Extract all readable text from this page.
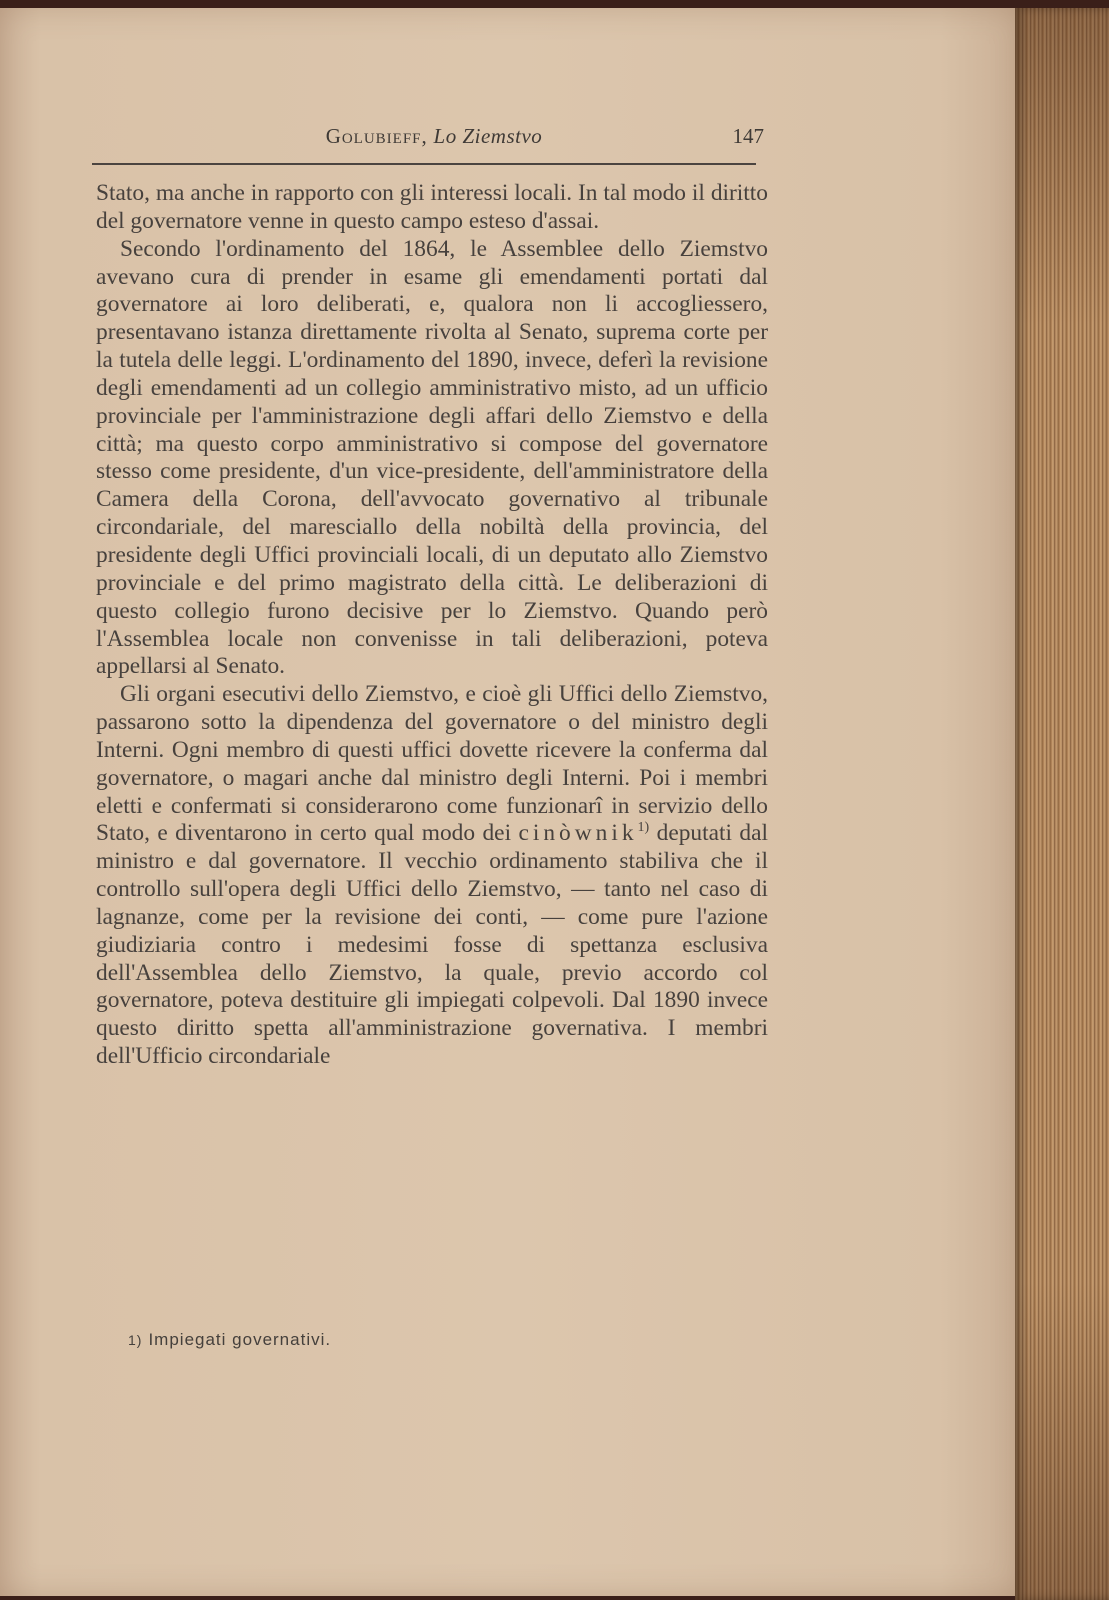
Golubieff, Lo Ziemstvo	147

Stato, ma anche in rapporto con gli interessi locali. In tal modo il diritto del governatore venne in questo campo esteso d'assai.

Secondo l'ordinamento del 1864, le Assemblee dello Ziemstvo avevano cura di prender in esame gli emendamenti portati dal governatore ai loro deliberati, e, qualora non li accogliessero, presentavano istanza direttamente rivolta al Senato, suprema corte per la tutela delle leggi. L'ordinamento del 1890, invece, deferì la revisione degli emendamenti ad un collegio amministrativo misto, ad un ufficio provinciale per l'amministrazione degli affari dello Ziemstvo e della città; ma questo corpo amministrativo si compose del governatore stesso come presidente, d'un vice-presidente, dell'amministratore della Camera della Corona, dell'avvocato governativo al tribunale circondariale, del maresciallo della nobiltà della provincia, del presidente degli Uffici provinciali locali, di un deputato allo Ziemstvo provinciale e del primo magistrato della città. Le deliberazioni di questo collegio furono decisive per lo Ziemstvo. Quando però l'Assemblea locale non convenisse in tali deliberazioni, poteva appellarsi al Senato.

Gli organi esecutivi dello Ziemstvo, e cioè gli Uffici dello Ziemstvo, passarono sotto la dipendenza del governatore o del ministro degli Interni. Ogni membro di questi uffici dovette ricevere la conferma dal governatore, o magari anche dal ministro degli Interni. Poi i membri eletti e confermati si considerarono come funzionarî in servizio dello Stato, e diventarono in certo qual modo dei cinòwnik$^{1)}$ deputati dal ministro e dal governatore. Il vecchio ordinamento stabiliva che il controllo sull'opera degli Uffici dello Ziemstvo, — tanto nel caso di lagnanze, come per la revisione dei conti, — come pure l'azione giudiziaria contro i medesimi fosse di spettanza esclusiva dell'Assemblea dello Ziemstvo, la quale, previo accordo col governatore, poteva destituire gli impiegati colpevoli. Dal 1890 invece questo diritto spetta all'amministrazione governativa. I membri dell'Ufficio circondariale

1) Impiegati governativi.
